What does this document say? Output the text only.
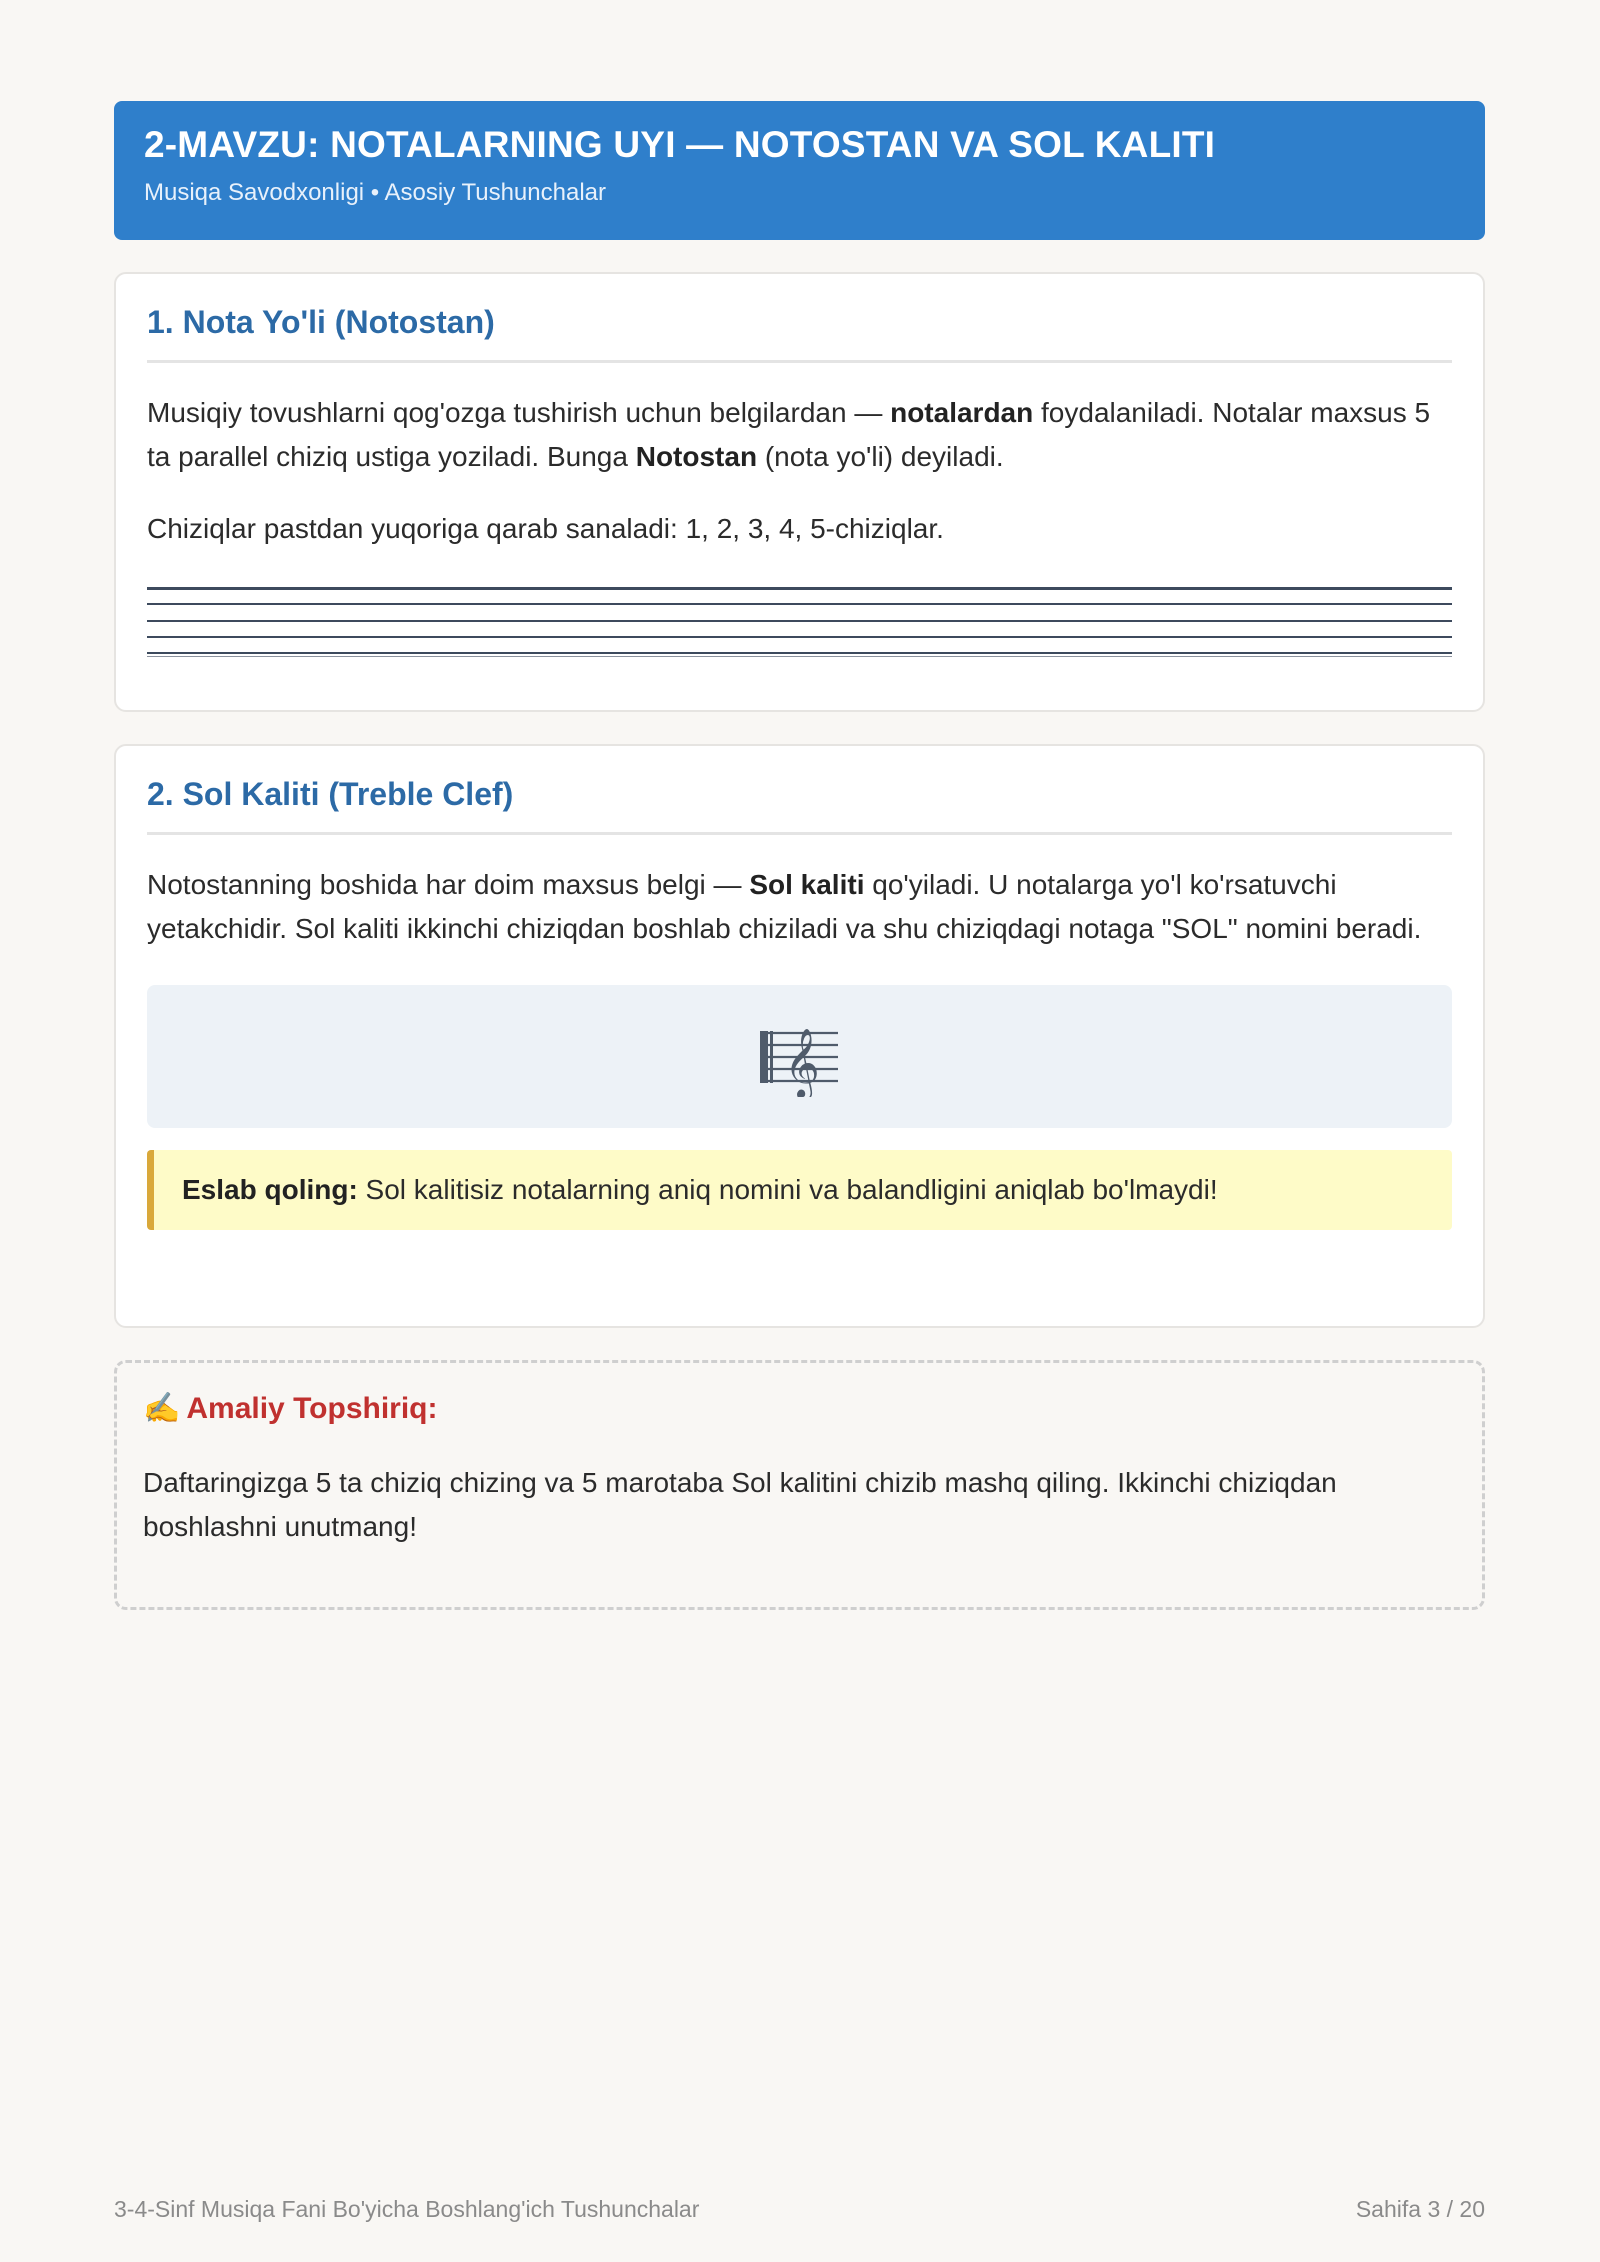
2-MAVZU: NOTALARNING UYI — NOTOSTAN VA SOL KALITI
Musiqa Savodxonligi • Asosiy Tushunchalar
1. Nota Yo'li (Notostan)

Musiqiy tovushlarni qog'ozga tushirish uchun belgilardan — notalardan foydalaniladi. Notalar maxsus 5 ta parallel chiziq ustiga yoziladi. Bunga Notostan (nota yo'li) deyiladi.

Chiziqlar pastdan yuqoriga qarab sanaladi: 1, 2, 3, 4, 5-chiziqlar.

2. Sol Kaliti (Treble Clef)

Notostanning boshida har doim maxsus belgi — Sol kaliti qo'yiladi. U notalarga yo'l ko'rsatuvchi yetakchidir. Sol kaliti ikkinchi chiziqdan boshlab chiziladi va shu chiziqdagi notaga "SOL" nomini beradi.

𝄞
Eslab qoling: Sol kalitisiz notalarning aniq nomini va balandligini aniqlab bo'lmaydi!
✍️ Amaliy Topshiriq:

Daftaringizga 5 ta chiziq chizing va 5 marotaba Sol kalitini chizib mashq qiling. Ikkinchi chiziqdan boshlashni unutmang!

3-4-Sinf Musiqa Fani Bo'yicha Boshlang'ich Tushunchalar	Sahifa 3 / 20
